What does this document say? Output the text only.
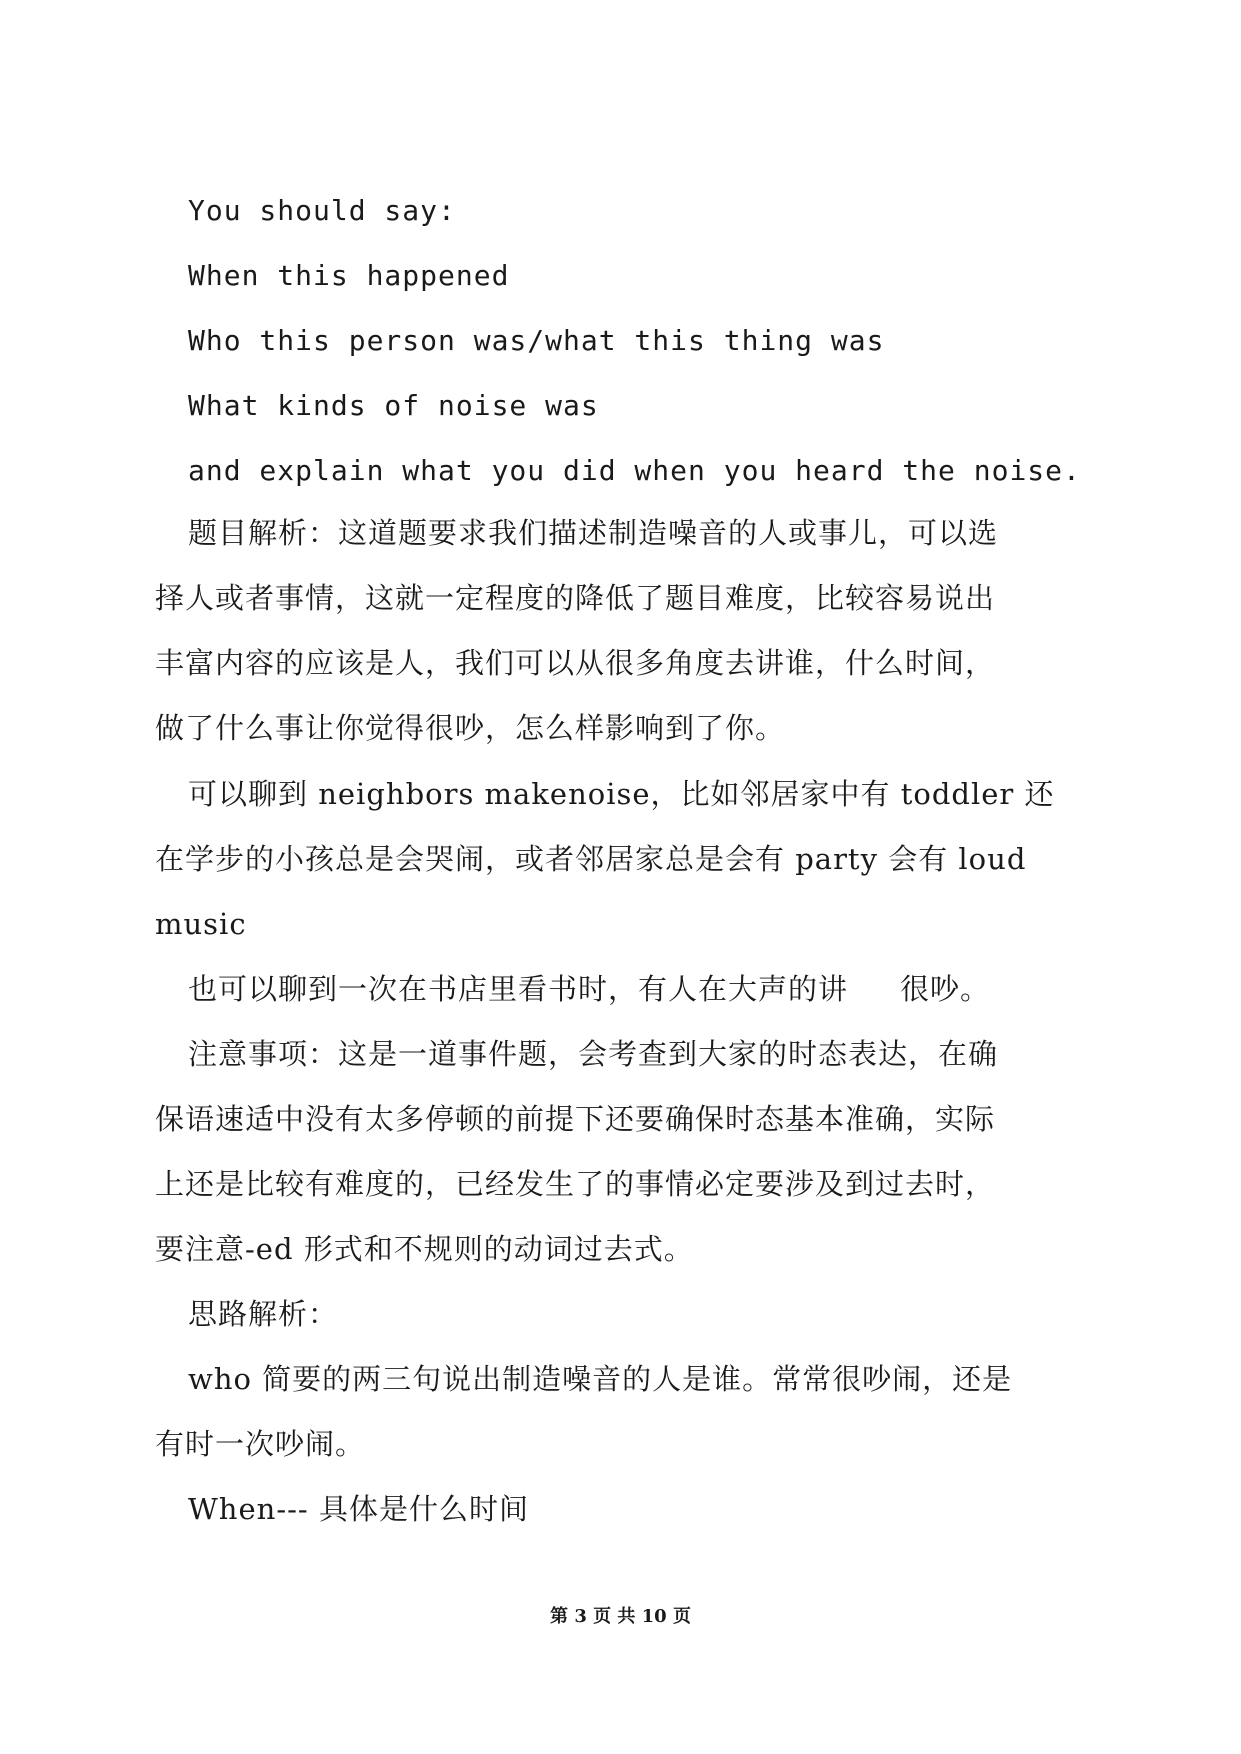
You should say:
When this happened
Who this person was/what this thing was
What kinds of noise was
and explain what you did when you heard the noise.
题目解析：这道题要求我们描述制造噪音的人或事儿，可以选
择人或者事情，这就一定程度的降低了题目难度，比较容易说出
丰富内容的应该是人，我们可以从很多角度去讲谁，什么时间，
做了什么事让你觉得很吵，怎么样影响到了你。
可以聊到 neighbors makenoise，比如邻居家中有 toddler 还
在学步的小孩总是会哭闹，或者邻居家总是会有 party 会有 loud
music
也可以聊到一次在书店里看书时，有人在大声的讲 很吵。
注意事项：这是一道事件题，会考查到大家的时态表达，在确
保语速适中没有太多停顿的前提下还要确保时态基本准确，实际
上还是比较有难度的，已经发生了的事情必定要涉及到过去时，
要注意-ed 形式和不规则的动词过去式。
思路解析：
who 简要的两三句说出制造噪音的人是谁。常常很吵闹，还是
有时一次吵闹。
When--- 具体是什么时间
第 3 页 共 10 页
